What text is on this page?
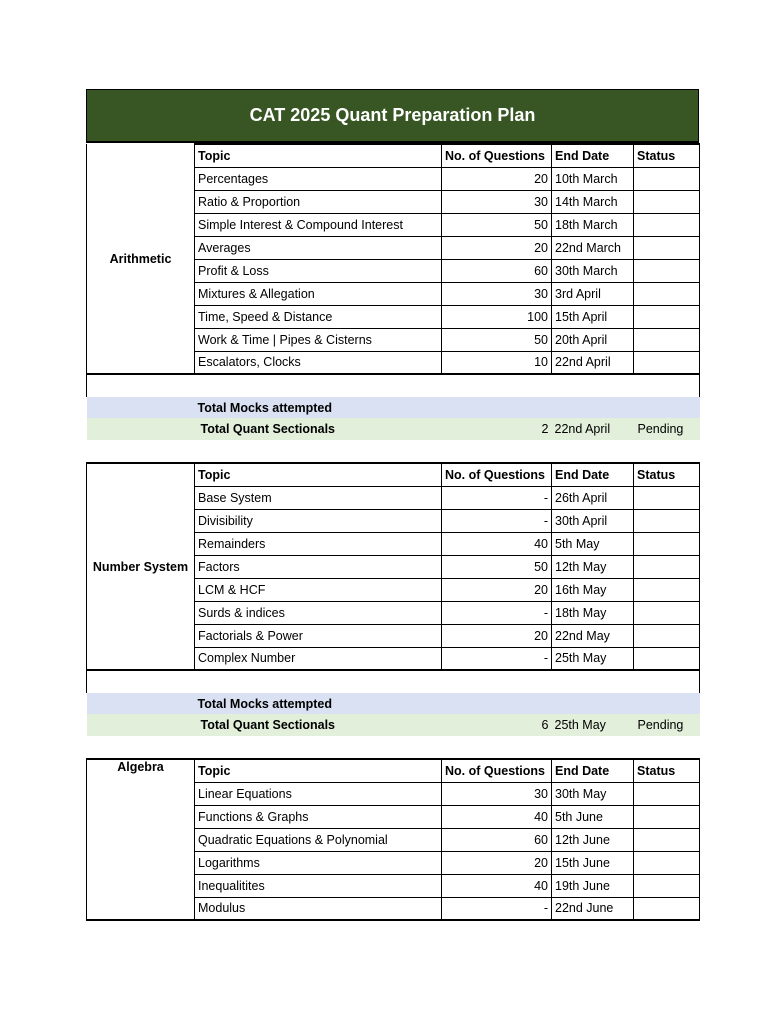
CAT 2025 Quant Preparation Plan
Arithmetic	Topic	No. of Questions	End Date	Status
	Percentages	20	10th March	
	Ratio & Proportion	30	14th March	
	Simple Interest & Compound Interest	50	18th March	
	Averages	20	22nd March	
	Profit & Loss	60	30th March	
	Mixtures & Allegation	30	3rd April	
	Time, Speed & Distance	100	15th April	
	Work & Time | Pipes & Cisterns	50	20th April	
	Escalators, Clocks	10	22nd April	

	Total Mocks attempted			
	Total Quant Sectionals	2	22nd April	Pending

Number System	Topic	No. of Questions	End Date	Status
	Base System	-	26th April	
	Divisibility	-	30th April	
	Remainders	40	5th May	
	Factors	50	12th May	
	LCM & HCF	20	16th May	
	Surds & indices	-	18th May	
	Factorials & Power	20	22nd May	
	Complex Number	-	25th May	

	Total Mocks attempted			
	Total Quant Sectionals	6	25th May	Pending

Algebra	Topic	No. of Questions	End Date	Status
	Linear Equations	30	30th May	
	Functions & Graphs	40	5th June	
	Quadratic Equations & Polynomial	60	12th June	
	Logarithms	20	15th June	
	Inequalitites	40	19th June	
	Modulus	-	22nd June	
